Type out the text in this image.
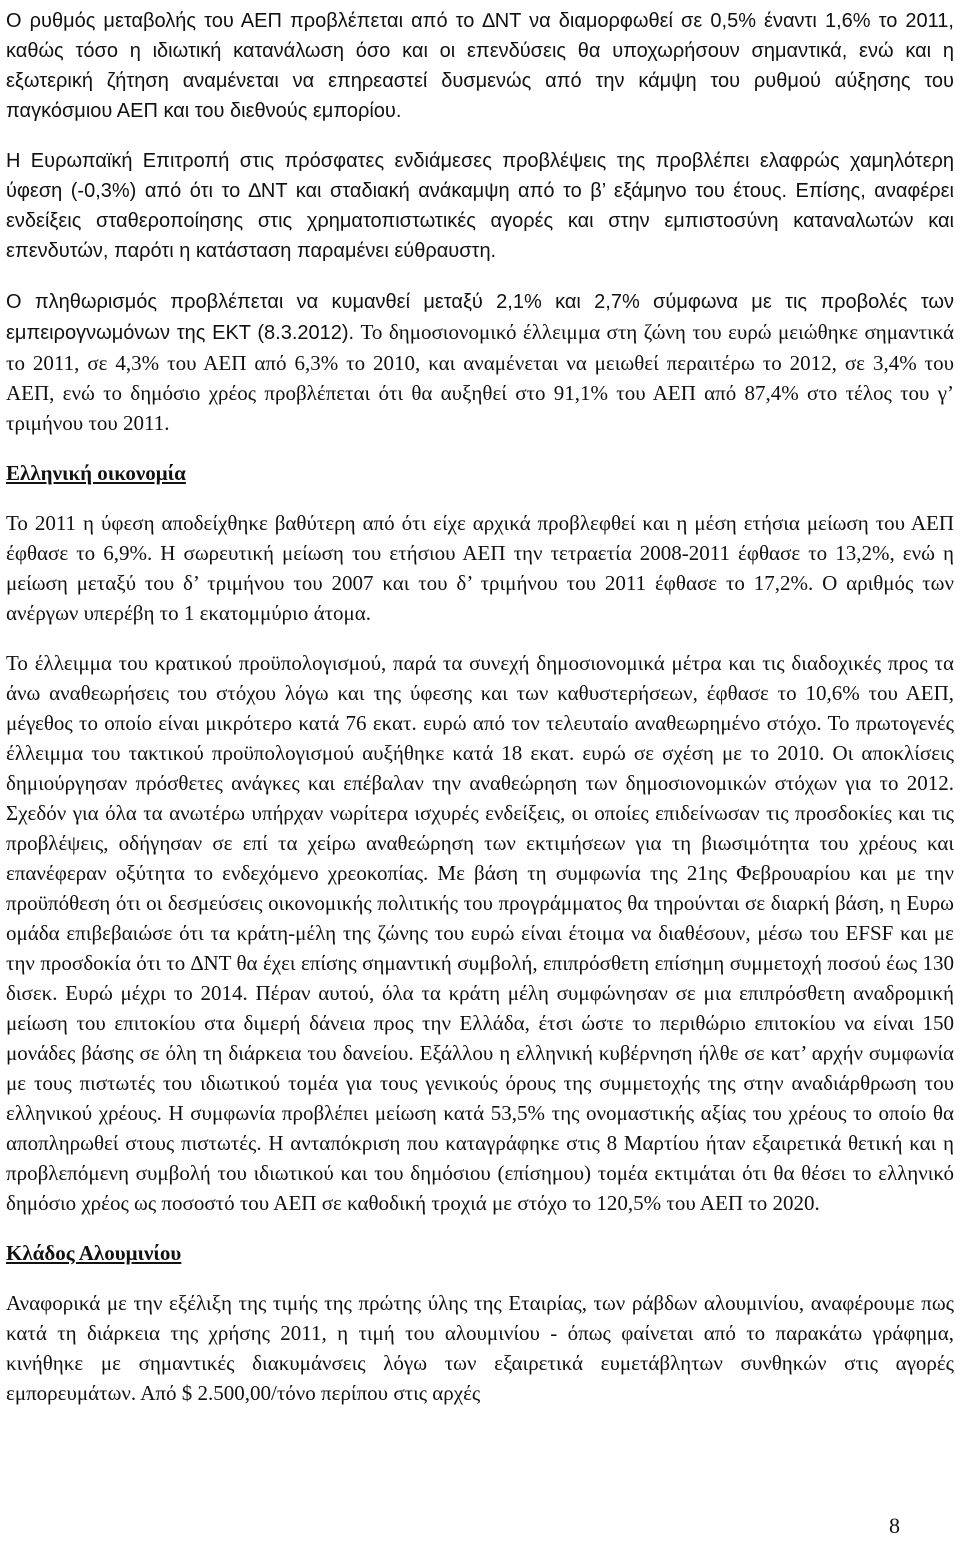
Ο ρυθμός μεταβολής του ΑΕΠ προβλέπεται από το ∆ΝΤ να διαμορφωθεί σε 0,5% έναντι 1,6% το 2011, καθώς τόσο η ιδιωτική κατανάλωση όσο και οι επενδύσεις θα υποχωρήσουν σημαντικά, ενώ και η εξωτερική ζήτηση αναμένεται να επηρεαστεί δυσμενώς από την κάμψη του ρυθμού αύξησης του παγκόσμιου ΑΕΠ και του διεθνούς εμπορίου.

Η Ευρωπαϊκή Επιτροπή στις πρόσφατες ενδιάμεσες προβλέψεις της προβλέπει ελαφρώς χαμηλότερη ύφεση (-0,3%) από ότι το ∆ΝΤ και σταδιακή ανάκαμψη από το β’ εξάμηνο του έτους. Επίσης, αναφέρει ενδείξεις σταθεροποίησης στις χρηματοπιστωτικές αγορές και στην εμπιστοσύνη καταναλωτών και επενδυτών, παρότι η κατάσταση παραμένει εύθραυστη.

Ο πληθωρισμός προβλέπεται να κυμανθεί μεταξύ 2,1% και 2,7% σύμφωνα με τις προβολές των εμπειρογνωμόνων της ΕΚΤ (8.3.2012). Το δημοσιονομικό έλλειμμα στη ζώνη του ευρώ μειώθηκε σημαντικά το 2011, σε 4,3% του ΑΕΠ από 6,3% το 2010, και αναμένεται να μειωθεί περαιτέρω το 2012, σε 3,4% του ΑΕΠ, ενώ το δημόσιο χρέος προβλέπεται ότι θα αυξηθεί στο 91,1% του ΑΕΠ από 87,4% στο τέλος του γ’ τριμήνου του 2011.

Ελληνική οικονομία

Το 2011 η ύφεση αποδείχθηκε βαθύτερη από ότι είχε αρχικά προβλεφθεί και η μέση ετήσια μείωση του ΑΕΠ έφθασε το 6,9%. Η σωρευτική μείωση του ετήσιου ΑΕΠ την τετραετία 2008-2011 έφθασε το 13,2%, ενώ η μείωση μεταξύ του δ’ τριμήνου του 2007 και του δ’ τριμήνου του 2011 έφθασε το 17,2%. Ο αριθμός των ανέργων υπερέβη το 1 εκατομμύριο άτομα.

Το έλλειμμα του κρατικού προϋπολογισμού, παρά τα συνεχή δημοσιονομικά μέτρα και τις διαδοχικές προς τα άνω αναθεωρήσεις του στόχου λόγω και της ύφεσης και των καθυστερήσεων, έφθασε το 10,6% του ΑΕΠ, μέγεθος το οποίο είναι μικρότερο κατά 76 εκατ. ευρώ από τον τελευταίο αναθεωρημένο στόχο. Το πρωτογενές έλλειμμα του τακτικού προϋπολογισμού αυξήθηκε κατά 18 εκατ. ευρώ σε σχέση με το 2010. Οι αποκλίσεις δημιούργησαν πρόσθετες ανάγκες και επέβαλαν την αναθεώρηση των δημοσιονομικών στόχων για το 2012. Σχεδόν για όλα τα ανωτέρω υπήρχαν νωρίτερα ισχυρές ενδείξεις, οι οποίες επιδείνωσαν τις προσδοκίες και τις προβλέψεις, οδήγησαν σε επί τα χείρω αναθεώρηση των εκτιμήσεων για τη βιωσιμότητα του χρέους και επανέφεραν οξύτητα το ενδεχόμενο χρεοκοπίας. Με βάση τη συμφωνία της 21ης Φεβρουαρίου και με την προϋπόθεση ότι οι δεσμεύσεις οικονομικής πολιτικής του προγράμματος θα τηρούνται σε διαρκή βάση, η Ευρω ομάδα επιβεβαιώσε ότι τα κράτη-μέλη της ζώνης του ευρώ είναι έτοιμα να διαθέσουν, μέσω του EFSF και με την προσδοκία ότι το ∆ΝΤ θα έχει επίσης σημαντική συμβολή, επιπρόσθετη επίσημη συμμετοχή ποσού έως 130 δισεκ. Ευρώ μέχρι το 2014. Πέραν αυτού, όλα τα κράτη μέλη συμφώνησαν σε μια επιπρόσθετη αναδρομική μείωση του επιτοκίου στα διμερή δάνεια προς την Ελλάδα, έτσι ώστε το περιθώριο επιτοκίου να είναι 150 μονάδες βάσης σε όλη τη διάρκεια του δανείου. Εξάλλου η ελληνική κυβέρνηση ήλθε σε κατ’ αρχήν συμφωνία με τους πιστωτές του ιδιωτικού τομέα για τους γενικούς όρους της συμμετοχής της στην αναδιάρθρωση του ελληνικού χρέους. Η συμφωνία προβλέπει μείωση κατά 53,5% της ονομαστικής αξίας του χρέους το οποίο θα αποπληρωθεί στους πιστωτές. Η ανταπόκριση που καταγράφηκε στις 8 Μαρτίου ήταν εξαιρετικά θετική και η προβλεπόμενη συμβολή του ιδιωτικού και του δημόσιου (επίσημου) τομέα εκτιμάται ότι θα θέσει το ελληνικό δημόσιο χρέος ως ποσοστό του ΑΕΠ σε καθοδική τροχιά με στόχο το 120,5% του ΑΕΠ το 2020.

Κλάδος Αλουμινίου

Αναφορικά με την εξέλιξη της τιμής της πρώτης ύλης της Εταιρίας, των ράβδων αλουμινίου, αναφέρουμε πως κατά τη διάρκεια της χρήσης 2011, η τιμή του αλουμινίου - όπως φαίνεται από το παρακάτω γράφημα, κινήθηκε με σημαντικές διακυμάνσεις λόγω των εξαιρετικά ευμετάβλητων συνθηκών στις αγορές εμπορευμάτων. Από $ 2.500,00/τόνο περίπου στις αρχές

8
